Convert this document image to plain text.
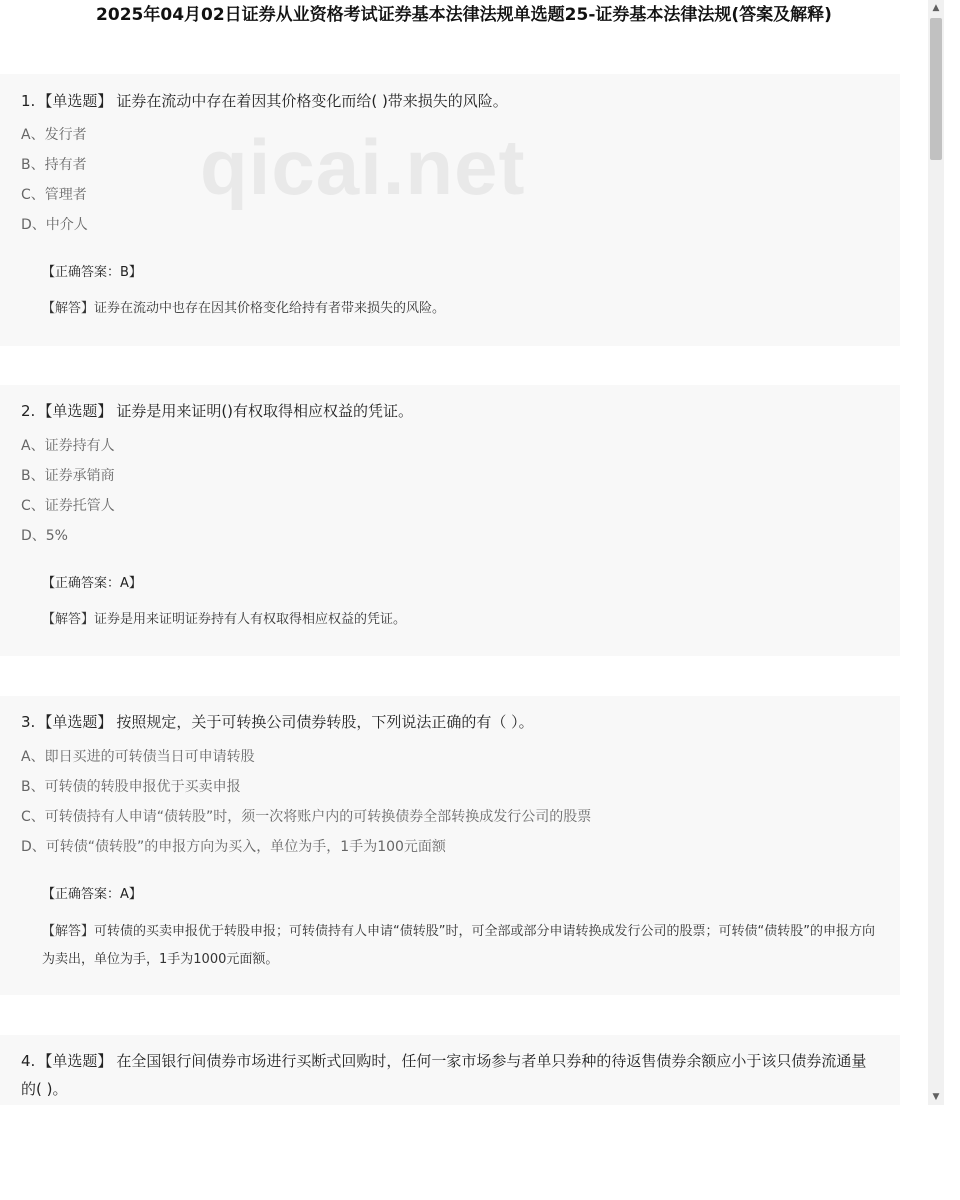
2025年04月02日证券从业资格考试证券基本法律法规单选题25-证券基本法律法规(答案及解释)
1. 【单选题】 证券在流动中存在着因其价格变化而给( )带来损失的风险。
A、发行者
B、持有者
C、管理者
D、中介人
【正确答案：B】
【解答】证券在流动中也存在因其价格变化给持有者带来损失的风险。
2. 【单选题】 证券是用来证明()有权取得相应权益的凭证。
A、证券持有人
B、证券承销商
C、证券托管人
D、5%
【正确答案：A】
【解答】证券是用来证明证券持有人有权取得相应权益的凭证。
3. 【单选题】 按照规定，关于可转换公司债券转股，下列说法正确的有（ ）。
A、即日买进的可转债当日可申请转股
B、可转债的转股申报优于买卖申报
C、可转债持有人申请“债转股”时，须一次将账户内的可转换债券全部转换成发行公司的股票
D、可转债“债转股”的申报方向为买入，单位为手，1手为100元面额
【正确答案：A】
【解答】可转债的买卖申报优于转股申报；可转债持有人申请“债转股”时，可全部或部分申请转换成发行公司的股票；可转债“债转股”的申报方向为卖出，单位为手，1手为1000元面额。
4. 【单选题】 在全国银行间债券市场进行买断式回购时，任何一家市场参与者单只券种的待返售债券余额应小于该只债券流通量的( )。
qicai.net
▲
▼
